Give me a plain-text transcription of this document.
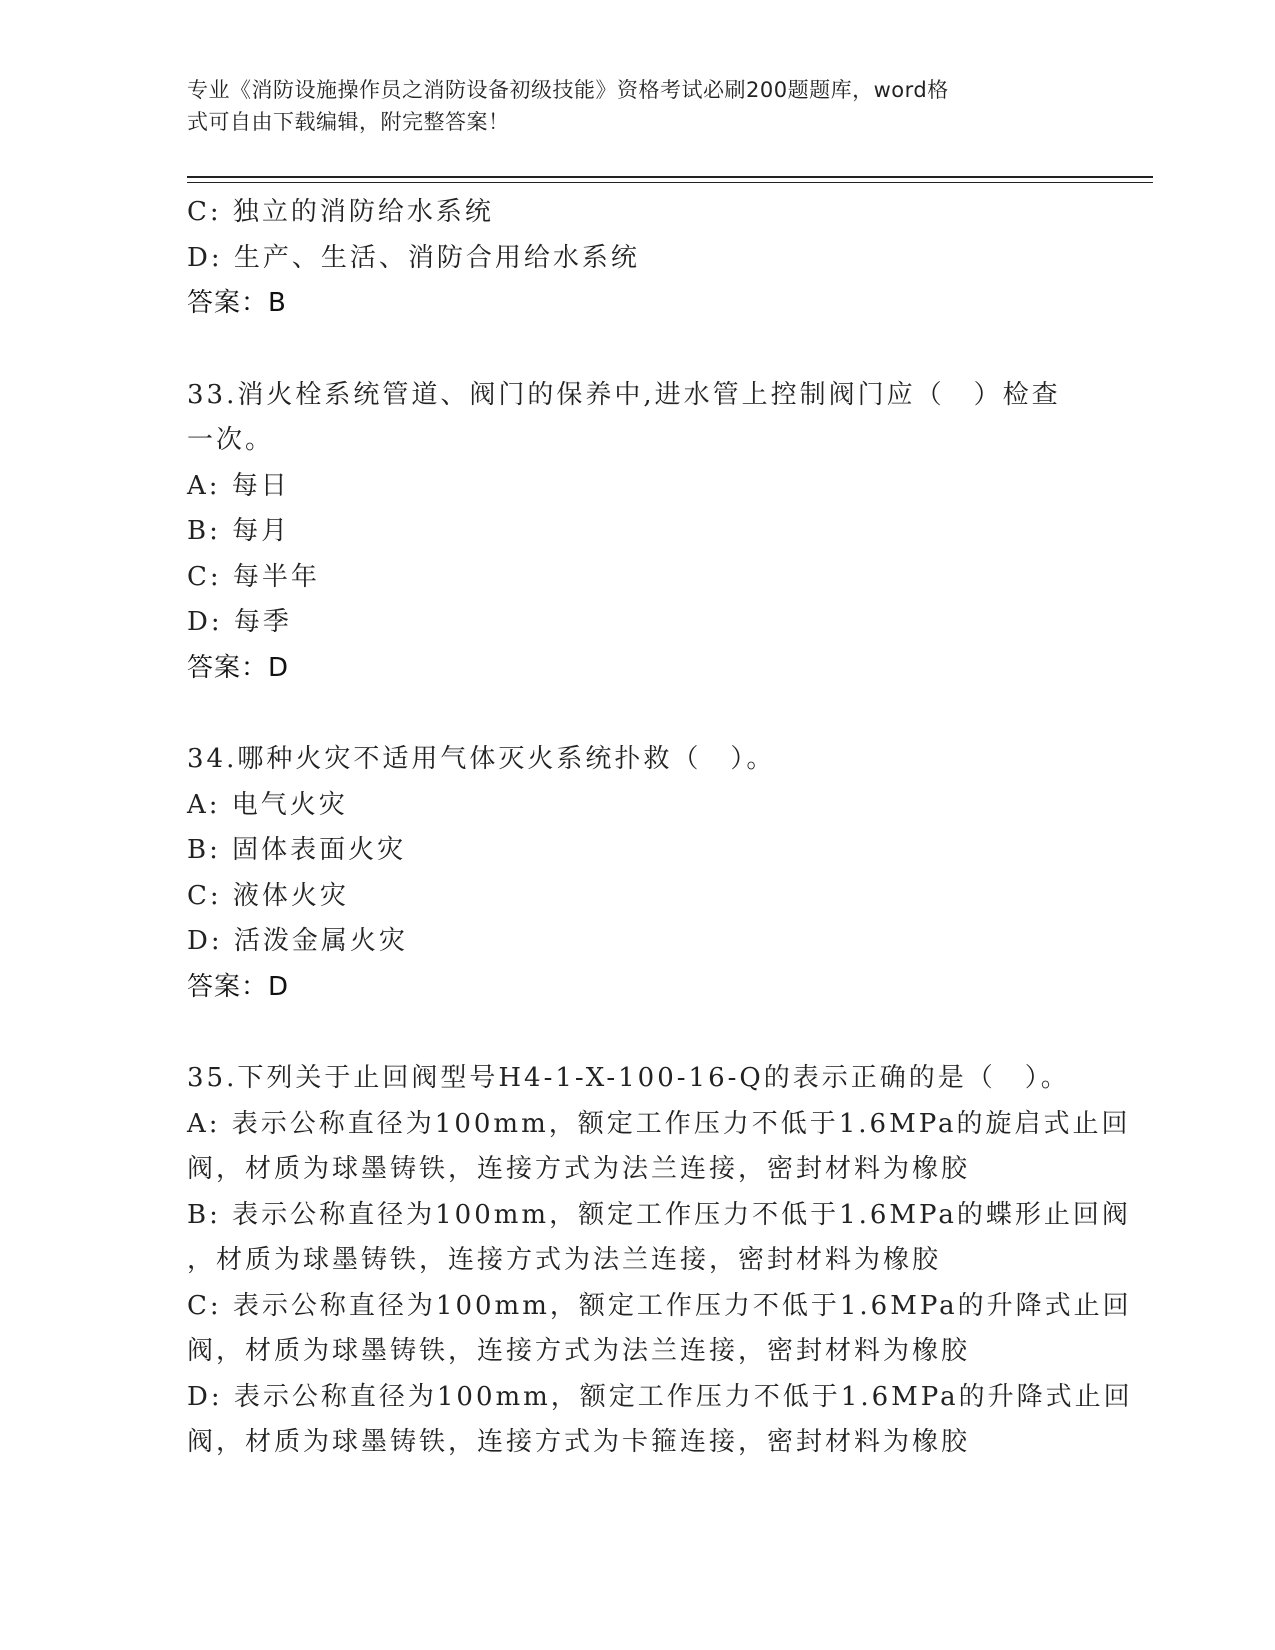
专业《消防设施操作员之消防设备初级技能》资格考试必刷200题题库，word格
式可自由下载编辑，附完整答案！
C: 独立的消防给水系统
D: 生产、生活、消防合用给水系统
答案：B
33.消火栓系统管道、阀门的保养中,进水管上控制阀门应（　）检查
一次。
A: 每日
B: 每月
C: 每半年
D: 每季
答案：D
34.哪种火灾不适用气体灭火系统扑救（　）。
A: 电气火灾
B: 固体表面火灾
C: 液体火灾
D: 活泼金属火灾
答案：D
35.下列关于止回阀型号H4-1-X-100-16-Q的表示正确的是（　）。
A: 表示公称直径为100mm，额定工作压力不低于1.6MPa的旋启式止回
阀，材质为球墨铸铁，连接方式为法兰连接，密封材料为橡胶
B: 表示公称直径为100mm，额定工作压力不低于1.6MPa的蝶形止回阀
，材质为球墨铸铁，连接方式为法兰连接，密封材料为橡胶
C: 表示公称直径为100mm，额定工作压力不低于1.6MPa的升降式止回
阀，材质为球墨铸铁，连接方式为法兰连接，密封材料为橡胶
D: 表示公称直径为100mm，额定工作压力不低于1.6MPa的升降式止回
阀，材质为球墨铸铁，连接方式为卡箍连接，密封材料为橡胶
